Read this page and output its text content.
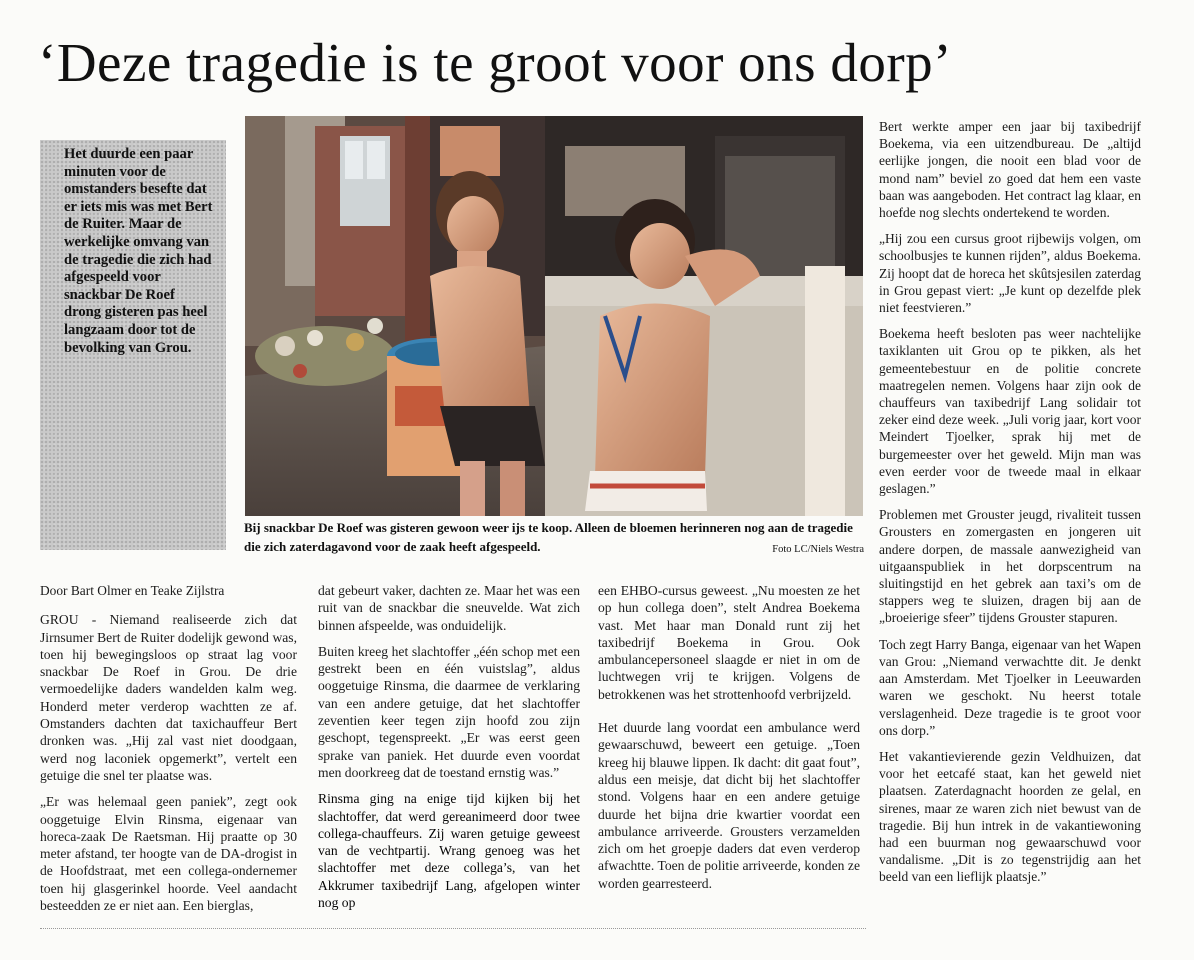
‘Deze tragedie is te groot voor ons dorp’
Het duurde een paar minuten voor de omstanders besefte dat er iets mis was met Bert de Ruiter. Maar de werkelijke omvang van de tragedie die zich had afgespeeld voor snackbar De Roef drong gisteren pas heel langzaam door tot de bevolking van Grou.
Bij snackbar De Roef was gisteren gewoon weer ijs te koop. Alleen de bloemen herinneren nog aan de tragedie die zich zaterdagavond voor de zaak heeft afgespeeld.	Foto LC/Niels Westra

Door Bart Olmer en Teake Zijlstra

GROU - Niemand realiseerde zich dat Jirnsumer Bert de Ruiter dodelijk gewond was, toen hij bewegingsloos op straat lag voor snackbar De Roef in Grou. De drie vermoedelijke daders wandelden kalm weg. Honderd meter verderop wachtten ze af. Omstanders dachten dat taxichauffeur Bert dronken was. „Hij zal vast niet doodgaan, werd nog laconiek opgemerkt”, vertelt een getuige die snel ter plaatse was.

„Er was helemaal geen paniek”, zegt ook ooggetuige Elvin Rinsma, eigenaar van horeca-zaak De Raetsman. Hij praatte op 30 meter afstand, ter hoogte van de DA-drogist in de Hoofdstraat, met een collega-ondernemer toen hij glasgerinkel hoorde. Veel aandacht besteedden ze er niet aan. Een bierglas,

dat gebeurt vaker, dachten ze. Maar het was een ruit van de snackbar die sneuvelde. Wat zich binnen afspeelde, was onduidelijk.

Buiten kreeg het slachtoffer „één schop met een gestrekt been en één vuistslag”, aldus ooggetuige Rinsma, die daarmee de verklaring van een andere getuige, dat het slachtoffer zeventien keer tegen zijn hoofd zou zijn geschopt, tegenspreekt. „Er was eerst geen sprake van paniek. Het duurde even voordat men doorkreeg dat de toestand ernstig was.”

Rinsma ging na enige tijd kijken bij het slachtoffer, dat werd gereanimeerd door twee collega-chauffeurs. Zij waren getuige geweest van de vechtpartij. Wrang genoeg was het slachtoffer met deze collega’s, van het Akkrumer taxibedrijf Lang, afgelopen winter nog op

een EHBO-cursus geweest. „Nu moesten ze het op hun collega doen”, stelt Andrea Boekema vast. Met haar man Donald runt zij het taxibedrijf Boekema in Grou. Ook ambulancepersoneel slaagde er niet in om de luchtwegen vrij te krijgen. Volgens de betrokkenen was het strottenhoofd verbrijzeld.

Het duurde lang voordat een ambulance werd gewaarschuwd, beweert een getuige. „Toen kreeg hij blauwe lippen. Ik dacht: dit gaat fout”, aldus een meisje, dat dicht bij het slachtoffer stond. Volgens haar en een andere getuige duurde het bijna drie kwartier voordat een ambulance arriveerde. Grousters verzamelden zich om het groepje daders dat even verderop afwachtte. Toen de politie arriveerde, konden ze worden gearresteerd.

Bert werkte amper een jaar bij taxibedrijf Boekema, via een uitzendbureau. De „altijd eerlijke jongen, die nooit een blad voor de mond nam” beviel zo goed dat hem een vaste baan was aangeboden. Het contract lag klaar, en hoefde nog slechts ondertekend te worden.

„Hij zou een cursus groot rijbewijs volgen, om schoolbusjes te kunnen rijden”, aldus Boekema. Zij hoopt dat de horeca het skûtsjesilen zaterdag in Grou gepast viert: „Je kunt op dezelfde plek niet feestvieren.”

Boekema heeft besloten pas weer nachtelijke taxiklanten uit Grou op te pikken, als het gemeentebestuur en de politie concrete maatregelen nemen. Volgens haar zijn ook de chauffeurs van taxibedrijf Lang solidair tot zeker eind deze week. „Juli vorig jaar, kort voor Meindert Tjoelker, sprak hij met de burgemeester over het geweld. Mijn man was even eerder voor de tweede maal in elkaar geslagen.”

Problemen met Grouster jeugd, rivaliteit tussen Grousters en zomergasten en jongeren uit andere dorpen, de massale aanwezigheid van uitgaanspubliek in het dorpscentrum na sluitingstijd en het gebrek aan taxi’s om de stappers weg te sluizen, dragen bij aan de „broeierige sfeer” tijdens Grouster stapuren.

Toch zegt Harry Banga, eigenaar van het Wapen van Grou: „Niemand verwachtte dit. Je denkt aan Amsterdam. Met Tjoelker in Leeuwarden waren we geschokt. Nu heerst totale verslagenheid. Deze tragedie is te groot voor ons dorp.”

Het vakantievierende gezin Veldhuizen, dat voor het eetcafé staat, kan het geweld niet plaatsen. Zaterdagnacht hoorden ze gelal, en sirenes, maar ze waren zich niet bewust van de tragedie. Bij hun intrek in de vakantiewoning had een buurman nog gewaarschuwd voor vandalisme. „Dit is zo tegenstrijdig aan het beeld van een lieflijk plaatsje.”
